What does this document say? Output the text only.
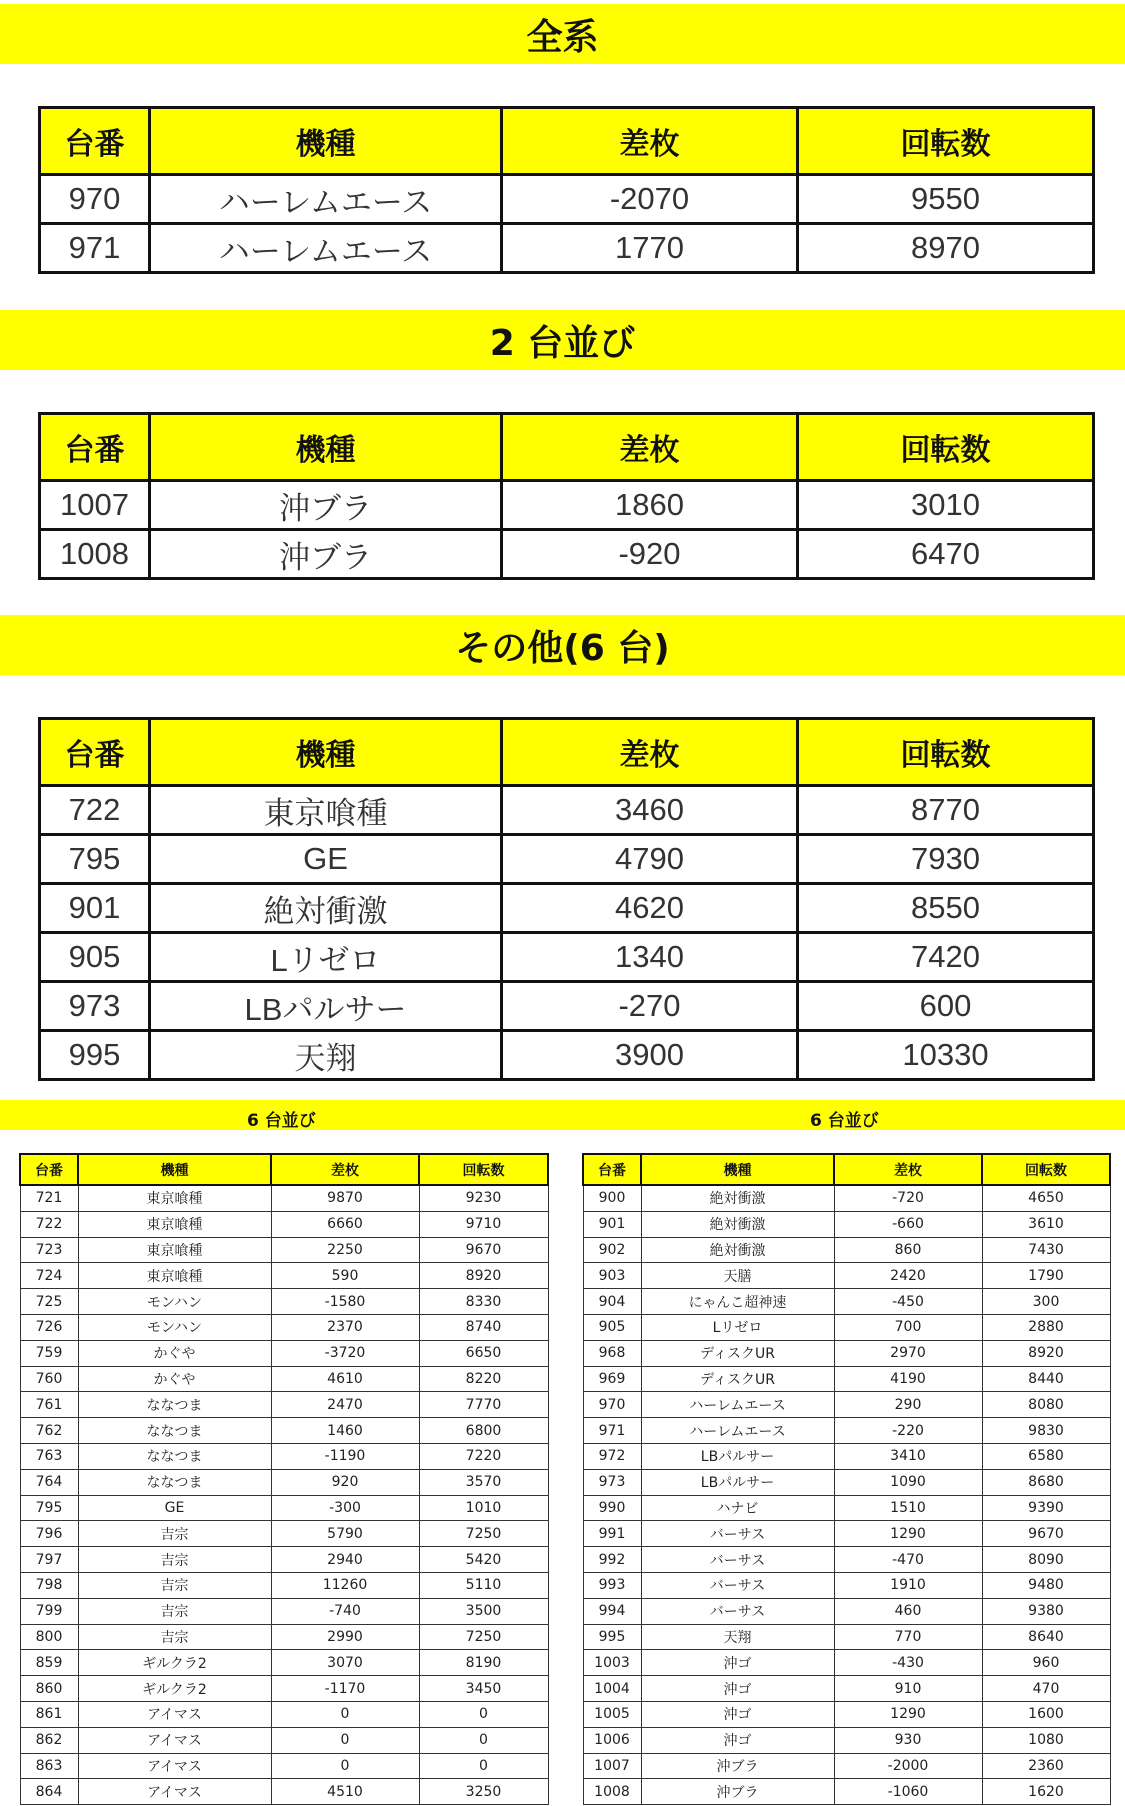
全系
台番	機種	差枚	回転数
970	ハーレムエース	-2070	9550
971	ハーレムエース	1770	8970
2 台並び
台番	機種	差枚	回転数
1007	沖ブラ	1860	3010
1008	沖ブラ	-920	6470
その他(6 台)
台番	機種	差枚	回転数
722	東京喰種	3460	8770
795	GE	4790	7930
901	絶対衝激	4620	8550
905	Lリゼロ	1340	7420
973	LBパルサー	-270	600
995	天翔	3900	10330
6 台並び	6 台並び
台番	機種	差枚	回転数
721	東京喰種	9870	9230
722	東京喰種	6660	9710
723	東京喰種	2250	9670
724	東京喰種	590	8920
725	モンハン	-1580	8330
726	モンハン	2370	8740
759	かぐや	-3720	6650
760	かぐや	4610	8220
761	ななつま	2470	7770
762	ななつま	1460	6800
763	ななつま	-1190	7220
764	ななつま	920	3570
795	GE	-300	1010
796	吉宗	5790	7250
797	吉宗	2940	5420
798	吉宗	11260	5110
799	吉宗	-740	3500
800	吉宗	2990	7250
859	ギルクラ2	3070	8190
860	ギルクラ2	-1170	3450
861	アイマス	0	0
862	アイマス	0	0
863	アイマス	0	0
864	アイマス	4510	3250
台番	機種	差枚	回転数
900	絶対衝激	-720	4650
901	絶対衝激	-660	3610
902	絶対衝激	860	7430
903	天膳	2420	1790
904	にゃんこ超神速	-450	300
905	Lリゼロ	700	2880
968	ディスクUR	2970	8920
969	ディスクUR	4190	8440
970	ハーレムエース	290	8080
971	ハーレムエース	-220	9830
972	LBパルサー	3410	6580
973	LBパルサー	1090	8680
990	ハナビ	1510	9390
991	バーサス	1290	9670
992	バーサス	-470	8090
993	バーサス	1910	9480
994	バーサス	460	9380
995	天翔	770	8640
1003	沖ゴ	-430	960
1004	沖ゴ	910	470
1005	沖ゴ	1290	1600
1006	沖ゴ	930	1080
1007	沖ブラ	-2000	2360
1008	沖ブラ	-1060	1620
